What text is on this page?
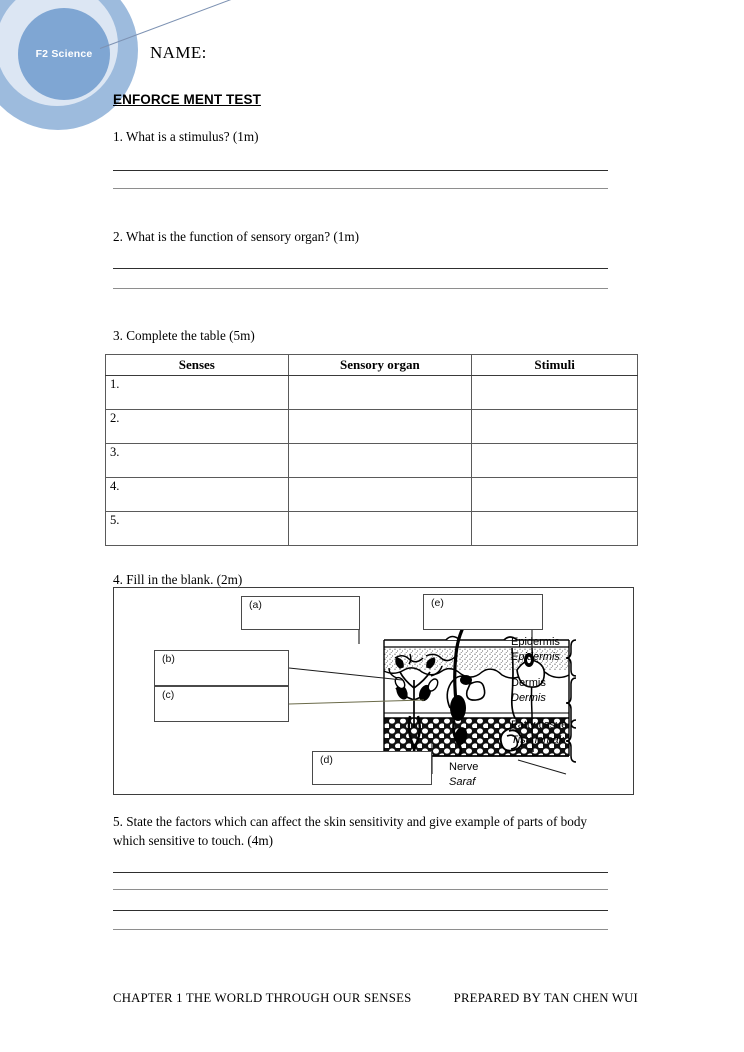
F2 Science	NAME:
ENFORCE MENT TEST
1. What is a stimulus? (1m)
2. What is the function of sensory organ? (1m)
3. Complete the table (5m)
Senses	Sensory organ	Stimuli
1.		
2.		
3.		
4.		
5.		
4. Fill in the blank. (2m)
(a)	(e)
(b)
(c)
(d)
Epidermis
Epidermis
Dermis
Dermis
Fatty tissue
Tisu lemak
Nerve
Saraf
5. State the factors which can affect the skin sensitivity and give example of parts of body which sensitive to touch. (4m)
CHAPTER 1 THE WORLD THROUGH OUR SENSES	PREPARED BY TAN CHEN WUI
